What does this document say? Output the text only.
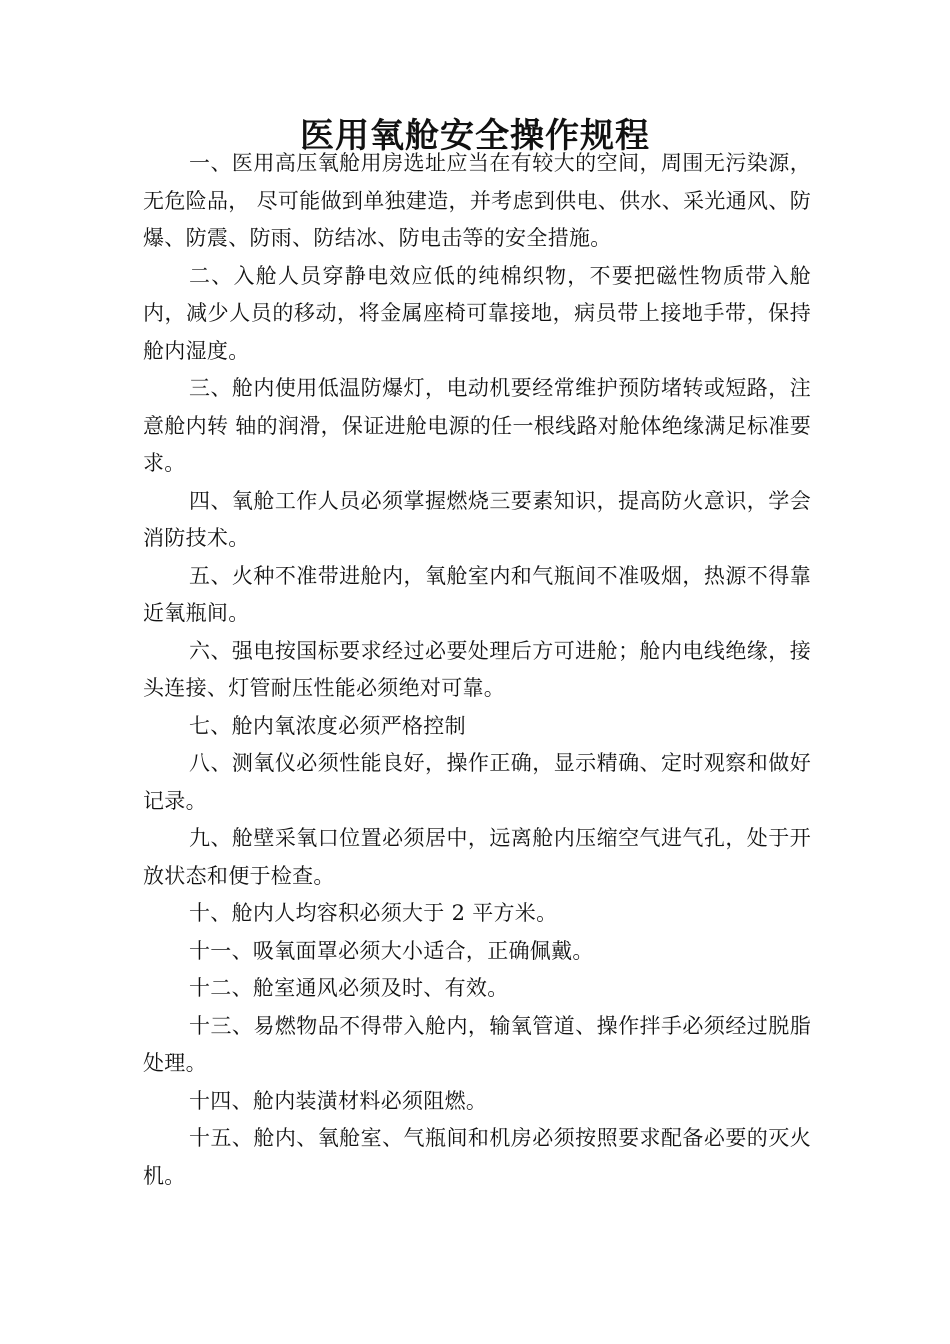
医用氧舱安全操作规程

一、医用高压氧舱用房选址应当在有较大的空间，周围无污染源，无危险品， 尽可能做到单独建造，并考虑到供电、供水、采光通风、防爆、防震、防雨、防结冰、防电击等的安全措施。

二、入舱人员穿静电效应低的纯棉织物，不要把磁性物质带入舱内，减少人员的移动，将金属座椅可靠接地，病员带上接地手带，保持舱内湿度。

三、舱内使用低温防爆灯，电动机要经常维护预防堵转或短路，注意舱内转 轴的润滑，保证进舱电源的任一根线路对舱体绝缘满足标准要求。

四、氧舱工作人员必须掌握燃烧三要素知识，提高防火意识，学会消防技术。

五、火种不准带进舱内，氧舱室内和气瓶间不准吸烟，热源不得靠近氧瓶间。

六、强电按国标要求经过必要处理后方可进舱；舱内电线绝缘，接头连接、灯管耐压性能必须绝对可靠。

七、舱内氧浓度必须严格控制

八、测氧仪必须性能良好，操作正确，显示精确、定时观察和做好记录。

九、舱壁采氧口位置必须居中，远离舱内压缩空气进气孔，处于开放状态和便于检查。

十、舱内人均容积必须大于 2 平方米。

十一、吸氧面罩必须大小适合，正确佩戴。

十二、舱室通风必须及时、有效。

十三、易燃物品不得带入舱内，输氧管道、操作拌手必须经过脱脂处理。

十四、舱内装潢材料必须阻燃。

十五、舱内、氧舱室、气瓶间和机房必须按照要求配备必要的灭火机。
